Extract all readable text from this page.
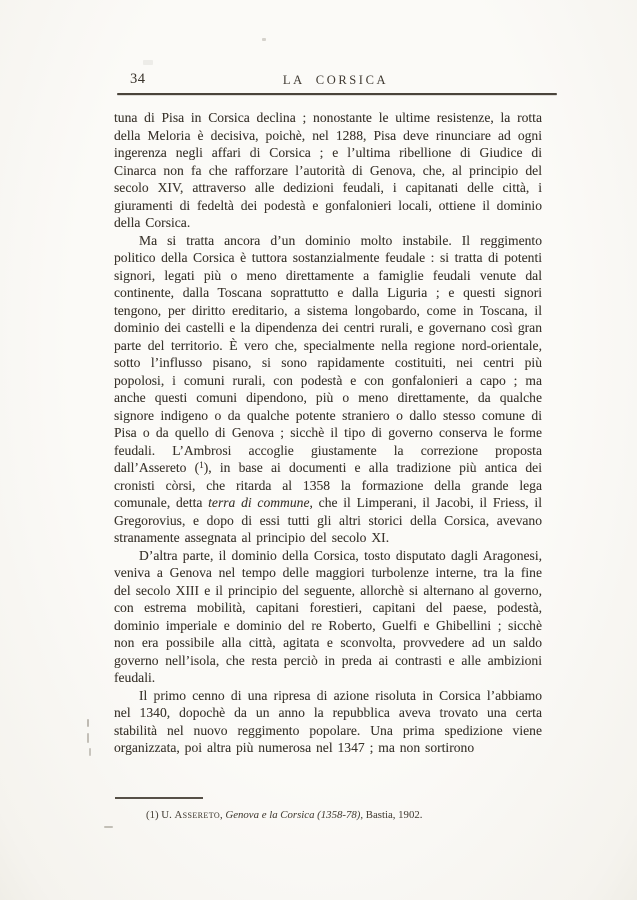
34	LA CORSICA

tuna di Pisa in Corsica declina ; nonostante le ultime resistenze, la rotta della Meloria è decisiva, poichè, nel 1288, Pisa deve rinunciare ad ogni ingerenza negli affari di Corsica ; e l’ultima ribellione di Giudice di Cinarca non fa che rafforzare l’autorità di Genova, che, al principio del secolo XIV, attraverso alle dedizioni feudali, i capitanati delle città, i giuramenti di fedeltà dei podestà e gonfalonieri locali, ottiene il dominio della Corsica.

Ma si tratta ancora d’un dominio molto instabile. Il reggimento politico della Corsica è tuttora sostanzialmente feudale : si tratta di potenti signori, legati più o meno direttamente a famiglie feudali venute dal continente, dalla Toscana soprattutto e dalla Liguria ; e questi signori tengono, per diritto ereditario, a sistema longobardo, come in Toscana, il dominio dei castelli e la dipendenza dei centri rurali, e governano così gran parte del territorio. È vero che, specialmente nella regione nord-orientale, sotto l’influsso pisano, si sono rapidamente costituiti, nei centri più popolosi, i comuni rurali, con podestà e con gonfalonieri a capo ; ma anche questi comuni dipendono, più o meno direttamente, da qualche signore indigeno o da qualche potente straniero o dallo stesso comune di Pisa o da quello di Genova ; sicchè il tipo di governo conserva le forme feudali. L’Ambrosi accoglie giustamente la correzione proposta dall’Assereto ($^1$), in base ai documenti e alla tradizione più antica dei cronisti còrsi, che ritarda al 1358 la formazione della grande lega comunale, detta terra di commune, che il Limperani, il Jacobi, il Friess, il Gregorovius, e dopo di essi tutti gli altri storici della Corsica, avevano stranamente assegnata al principio del secolo XI.

D’altra parte, il dominio della Corsica, tosto disputato dagli Aragonesi, veniva a Genova nel tempo delle maggiori turbolenze interne, tra la fine del secolo XIII e il principio del seguente, allorchè si alternano al governo, con estrema mobilità, capitani forestieri, capitani del paese, podestà, dominio imperiale e dominio del re Roberto, Guelfi e Ghibellini ; sicchè non era possibile alla città, agitata e sconvolta, provvedere ad un saldo governo nell’isola, che resta perciò in preda ai contrasti e alle ambizioni feudali.

Il primo cenno di una ripresa di azione risoluta in Corsica l’abbiamo nel 1340, dopochè da un anno la repubblica aveva trovato una certa stabilità nel nuovo reggimento popolare. Una prima spedizione viene organizzata, poi altra più numerosa nel 1347 ; ma non sortirono

(1) U. Assereto, Genova e la Corsica (1358-78), Bastia, 1902.
